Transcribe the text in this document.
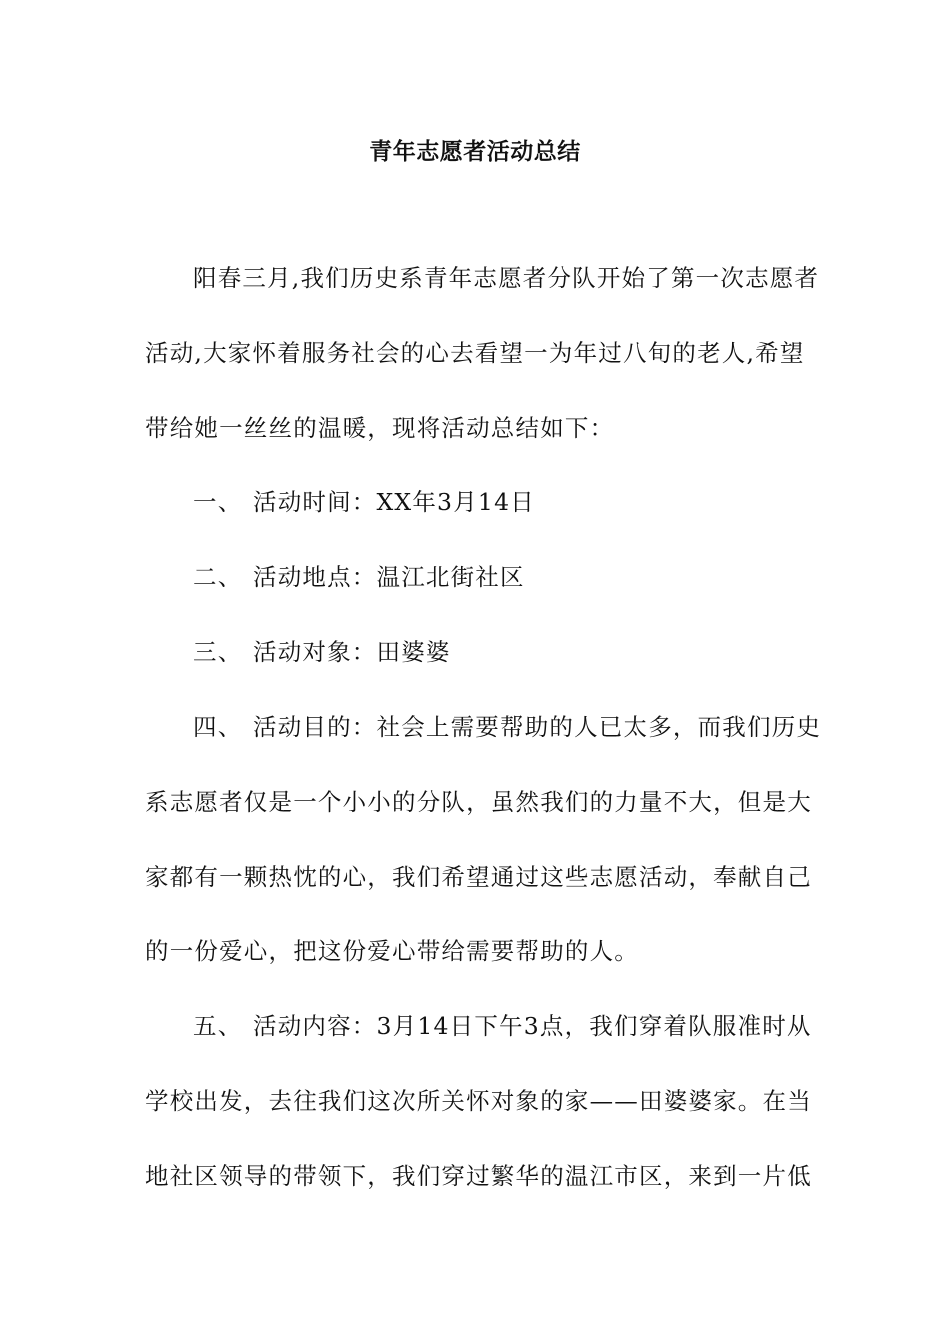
青年志愿者活动总结
阳春三月,我们历史系青年志愿者分队开始了第一次志愿者
活动,大家怀着服务社会的心去看望一为年过八旬的老人,希望
带给她一丝丝的温暖，现将活动总结如下：
一、 活动时间：XX年3月14日
二、 活动地点：温江北街社区
三、 活动对象：田婆婆
四、 活动目的：社会上需要帮助的人已太多，而我们历史
系志愿者仅是一个小小的分队，虽然我们的力量不大，但是大
家都有一颗热忱的心，我们希望通过这些志愿活动，奉献自己
的一份爱心，把这份爱心带给需要帮助的人。
五、 活动内容：3月14日下午3点，我们穿着队服准时从
学校出发，去往我们这次所关怀对象的家——田婆婆家。在当
地社区领导的带领下，我们穿过繁华的温江市区，来到一片低
